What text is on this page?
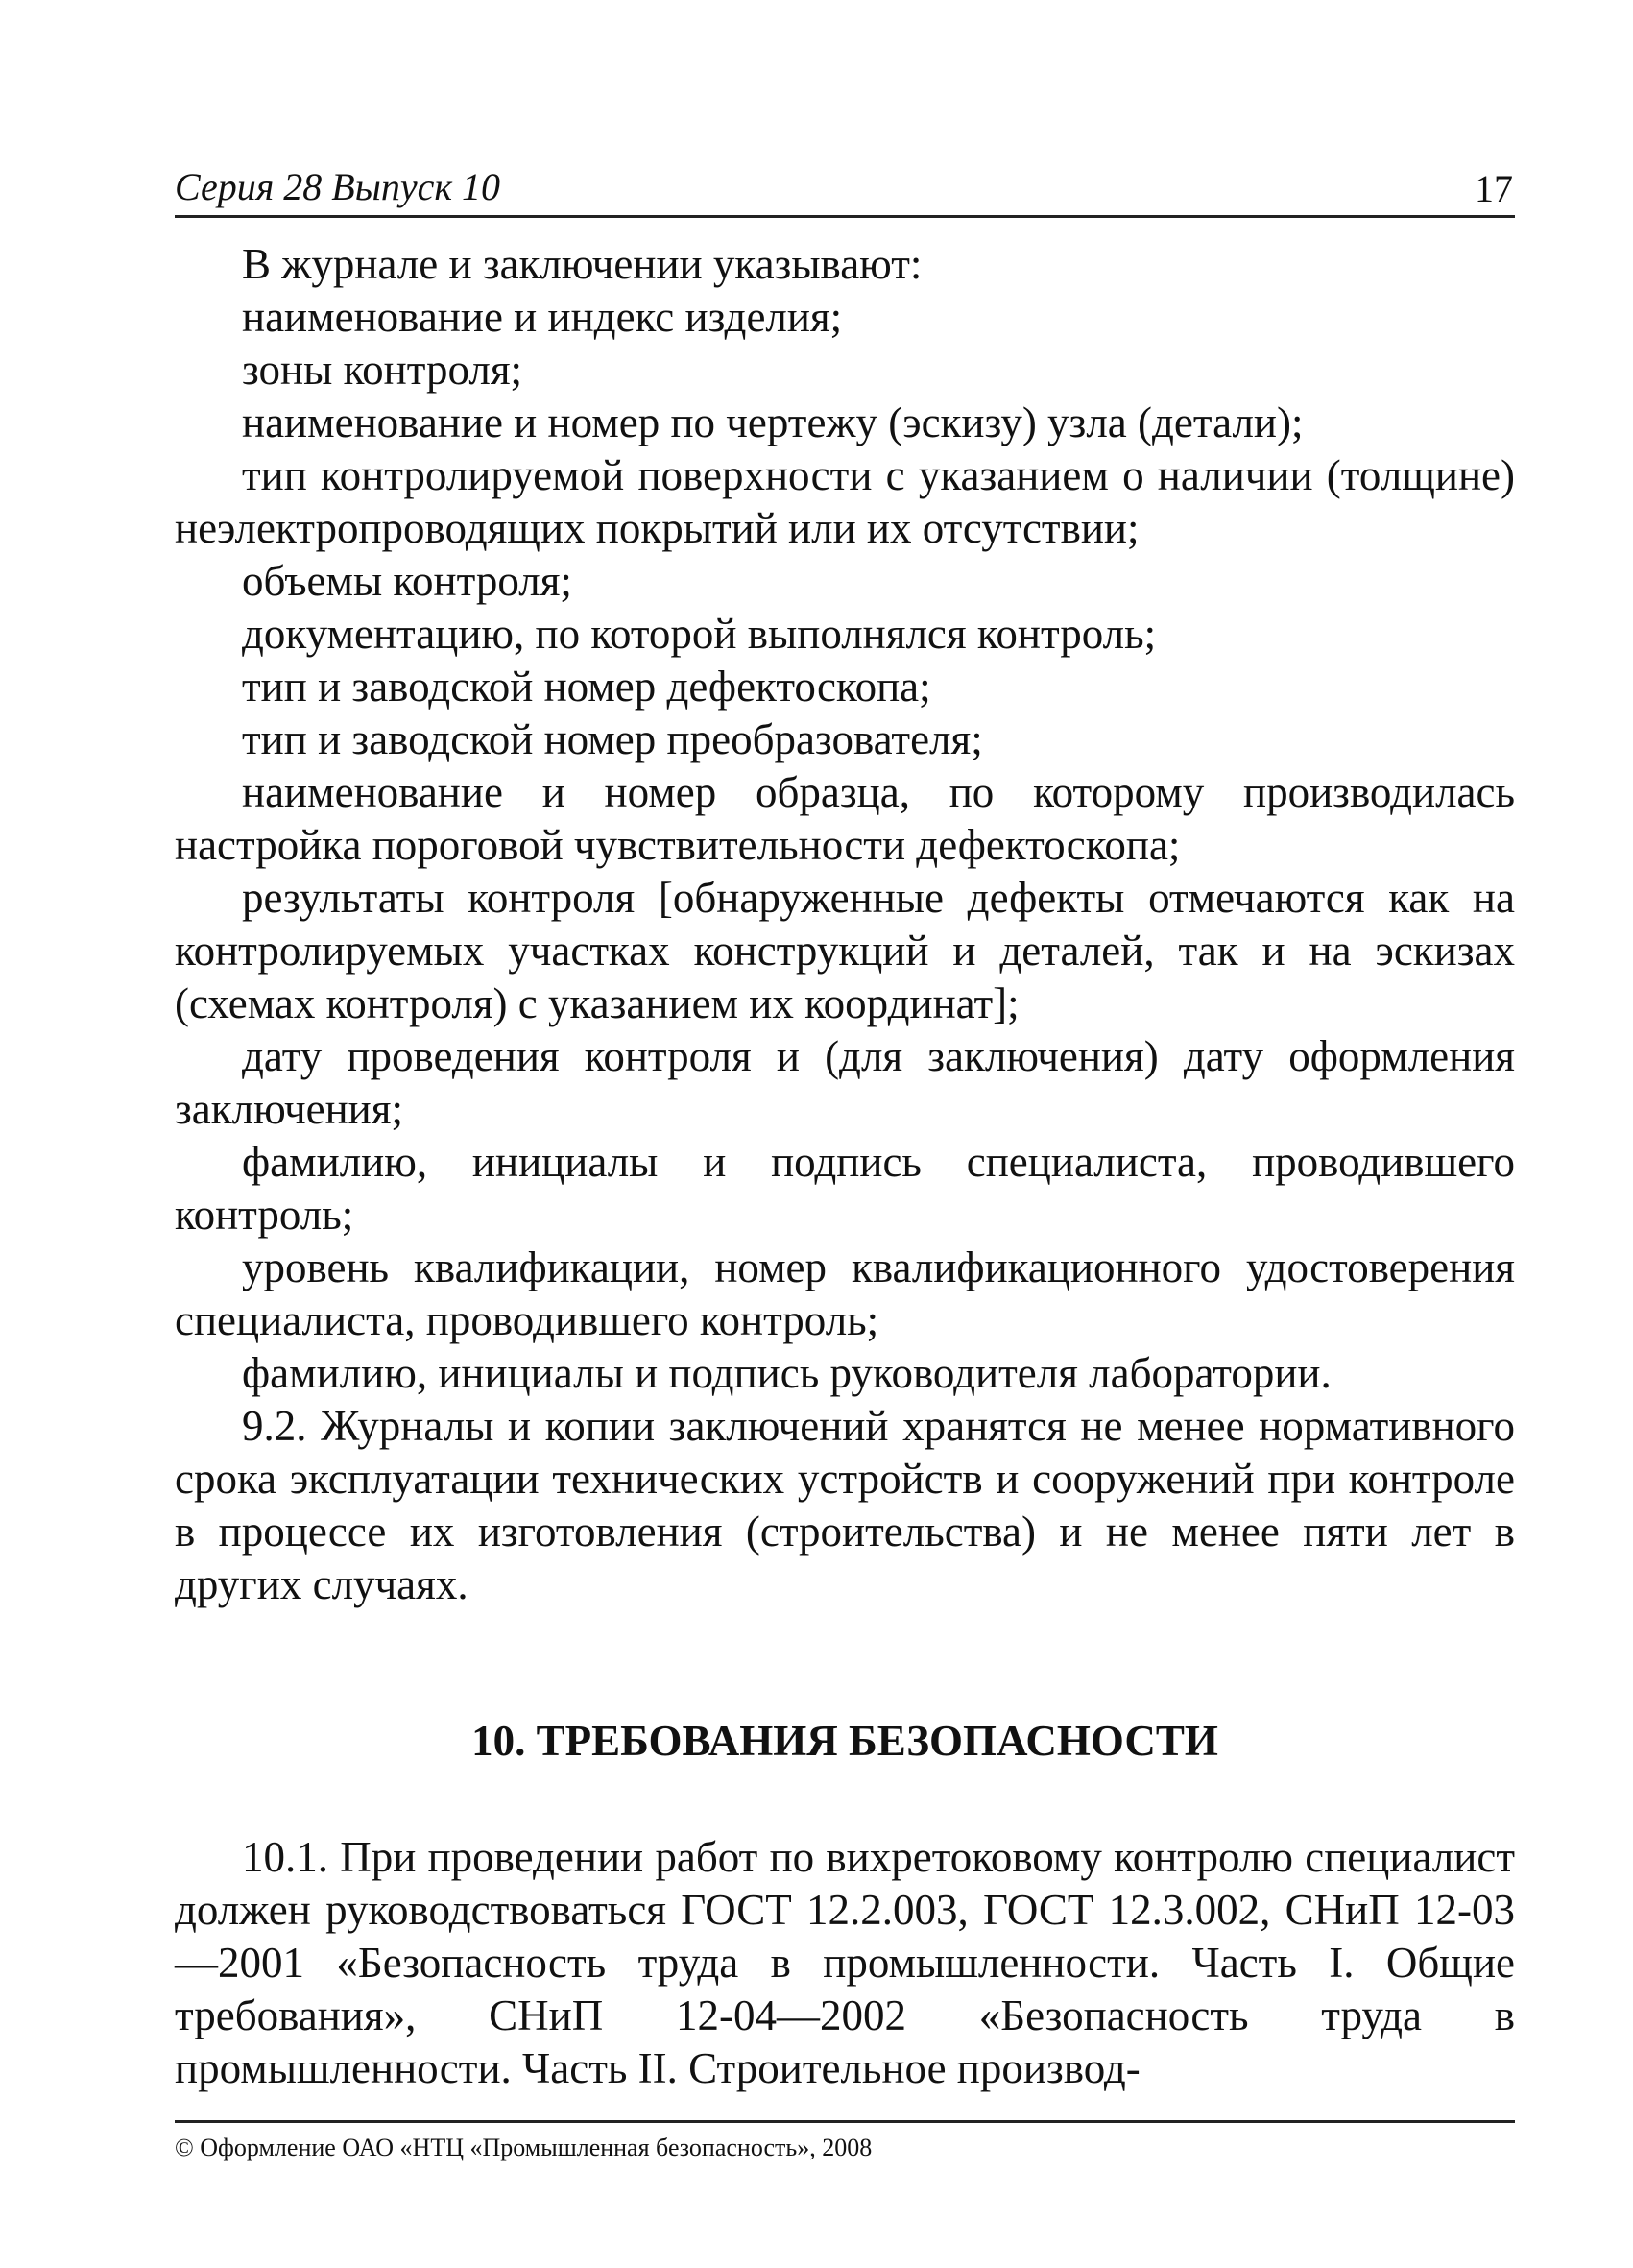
Серия 28 Выпуск 10	17

В журнале и заключении указывают:

наименование и индекс изделия;

зоны контроля;

наименование и номер по чертежу (эскизу) узла (детали);

тип контролируемой поверхности с указанием о наличии (толщине) неэлектропроводящих покрытий или их отсутствии;

объемы контроля;

документацию, по которой выполнялся контроль;

тип и заводской номер дефектоскопа;

тип и заводской номер преобразователя;

наименование и номер образца, по которому производилась настройка пороговой чувствительности дефектоскопа;

результаты контроля [обнаруженные дефекты отмечаются как на контролируемых участках конструкций и деталей, так и на эскизах (схемах контроля) с указанием их координат];

дату проведения контроля и (для заключения) дату оформления заключения;

фамилию, инициалы и подпись специалиста, проводившего контроль;

уровень квалификации, номер квалификационного удостоверения специалиста, проводившего контроль;

фамилию, инициалы и подпись руководителя лаборатории.

9.2. Журналы и копии заключений хранятся не менее нормативного срока эксплуатации технических устройств и сооружений при контроле в процессе их изготовления (строительства) и не менее пяти лет в других случаях.

10. ТРЕБОВАНИЯ БЕЗОПАСНОСТИ

10.1. При проведении работ по вихретоковому контролю специалист должен руководствоваться ГОСТ 12.2.003, ГОСТ 12.3.002, СНиП 12-03—2001 «Безопасность труда в промышленности. Часть I. Общие требования», СНиП 12-04—2002 «Безопасность труда в промышленности. Часть II. Строительное производ-

© Оформление ОАО «НТЦ «Промышленная безопасность», 2008
